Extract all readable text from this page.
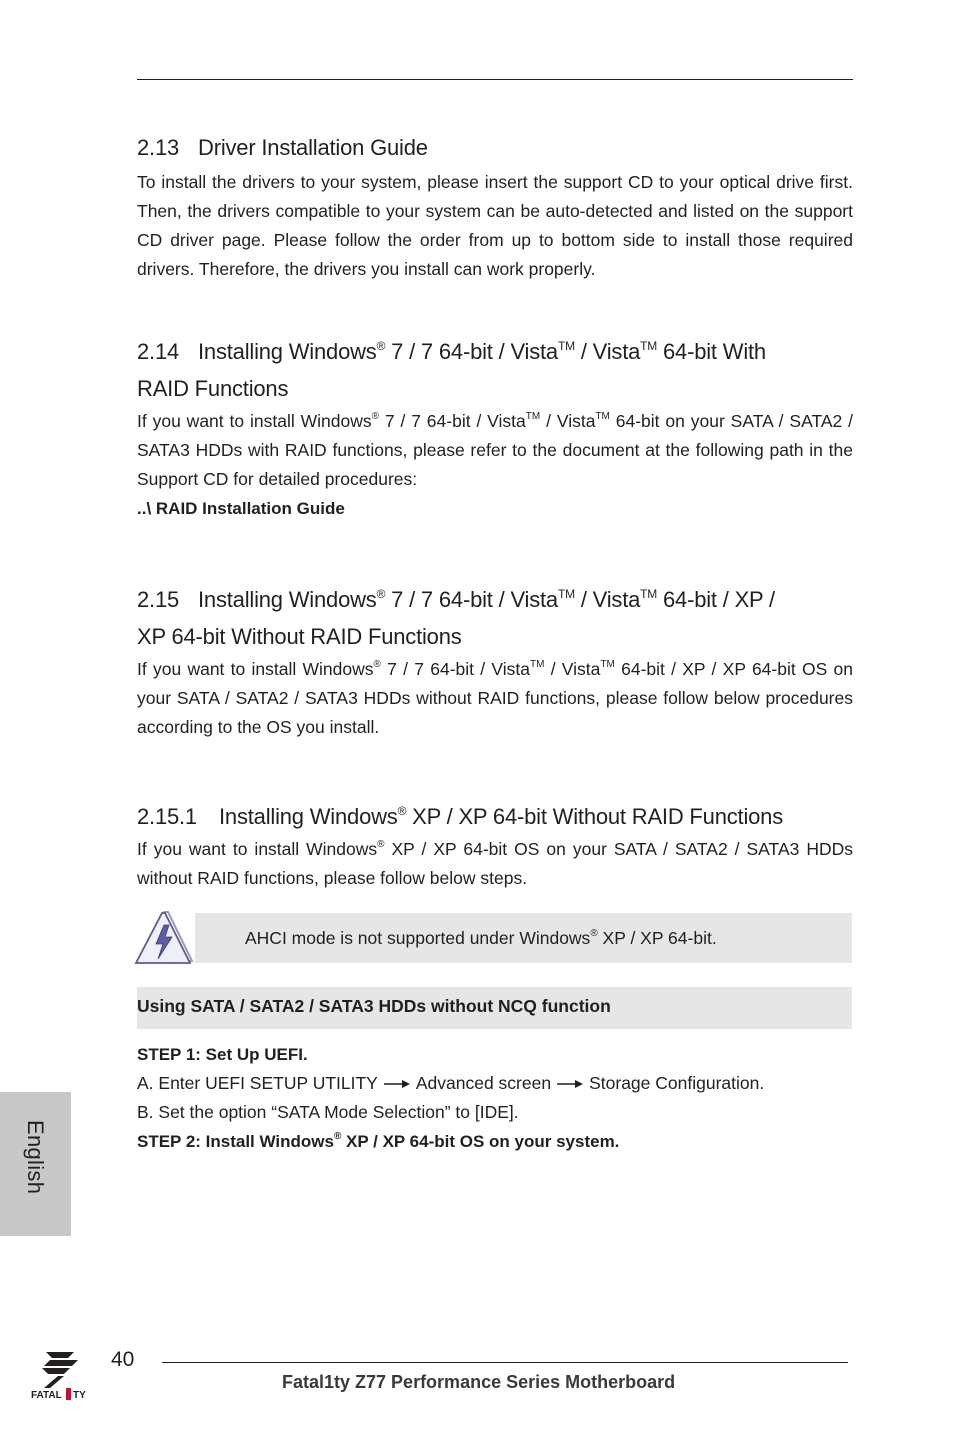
2.13 Driver Installation Guide

To install the drivers to your system, please insert the support CD to your optical drive first. Then, the drivers compatible to your system can be auto-detected and listed on the support CD driver page. Please follow the order from up to bottom side to install those required drivers. Therefore, the drivers you install can work properly.

2.14 Installing Windows® 7 / 7 64-bit / Vista™ / Vista™ 64-bit With
RAID Functions

If you want to install Windows® 7 / 7 64-bit / Vista™ / Vista™ 64-bit on your SATA / SATA2 / SATA3 HDDs with RAID functions, please refer to the document at the following path in the Support CD for detailed procedures:

..\ RAID Installation Guide

2.15 Installing Windows® 7 / 7 64-bit / Vista™ / Vista™ 64-bit / XP /
XP 64-bit Without RAID Functions

If you want to install Windows® 7 / 7 64-bit / Vista™ / Vista™ 64-bit / XP / XP 64-bit OS on your SATA / SATA2 / SATA3 HDDs without RAID functions, please follow below procedures according to the OS you install.

2.15.1 Installing Windows® XP / XP 64-bit Without RAID Functions

If you want to install Windows® XP / XP 64-bit OS on your SATA / SATA2 / SATA3 HDDs without RAID functions, please follow below steps.

AHCI mode is not supported under Windows® XP / XP 64-bit.
Using SATA / SATA2 / SATA3 HDDs without NCQ function

STEP 1: Set Up UEFI.

A. Enter UEFI SETUP UTILITY Advanced screen Storage Configuration.

B. Set the option “SATA Mode Selection” to [IDE].

STEP 2: Install Windows® XP / XP 64-bit OS on your system.

English
FATAL TY
40
Fatal1ty Z77 Performance Series Motherboard
